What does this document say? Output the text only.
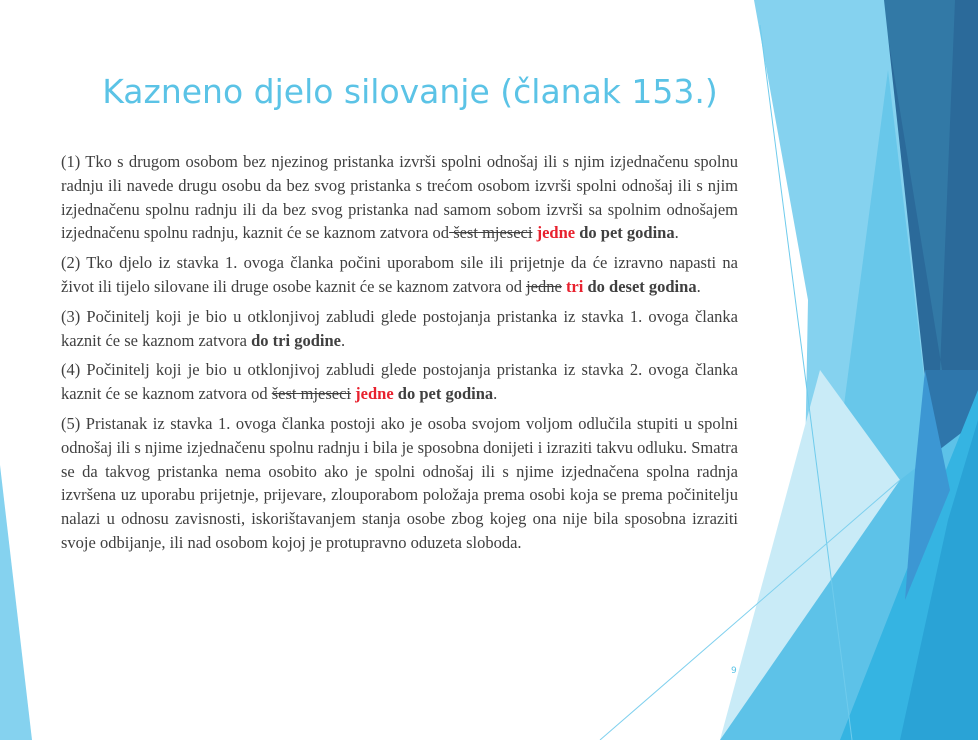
Kazneno djelo silovanje (članak 153.)

(1) Tko s drugom osobom bez njezinog pristanka izvrši spolni odnošaj ili s njim izjednačenu spolnu radnju ili navede drugu osobu da bez svog pristanka s trećom osobom izvrši spolni odnošaj ili s njim izjednačenu spolnu radnju ili da bez svog pristanka nad samom sobom izvrši sa spolnim odnošajem izjednačenu spolnu radnju, kaznit će se kaznom zatvora od šest mjeseci jedne do pet godina.

(2) Tko djelo iz stavka 1. ovoga članka počini uporabom sile ili prijetnje da će izravno napasti na život ili tijelo silovane ili druge osobe kaznit će se kaznom zatvora od jedne tri do deset godina.

(3) Počinitelj koji je bio u otklonjivoj zabludi glede postojanja pristanka iz stavka 1. ovoga članka kaznit će se kaznom zatvora do tri godine.

(4) Počinitelj koji je bio u otklonjivoj zabludi glede postojanja pristanka iz stavka 2. ovoga članka kaznit će se kaznom zatvora od šest mjeseci jedne do pet godina.

(5) Pristanak iz stavka 1. ovoga članka postoji ako je osoba svojom voljom odlučila stupiti u spolni odnošaj ili s njime izjednačenu spolnu radnju i bila je sposobna donijeti i izraziti takvu odluku. Smatra se da takvog pristanka nema osobito ako je spolni odnošaj ili s njime izjednačena spolna radnja izvršena uz uporabu prijetnje, prijevare, zlouporabom položaja prema osobi koja se prema počinitelju nalazi u odnosu zavisnosti, iskorištavanjem stanja osobe zbog kojeg ona nije bila sposobna izraziti svoje odbijanje, ili nad osobom kojoj je protupravno oduzeta sloboda.

9
